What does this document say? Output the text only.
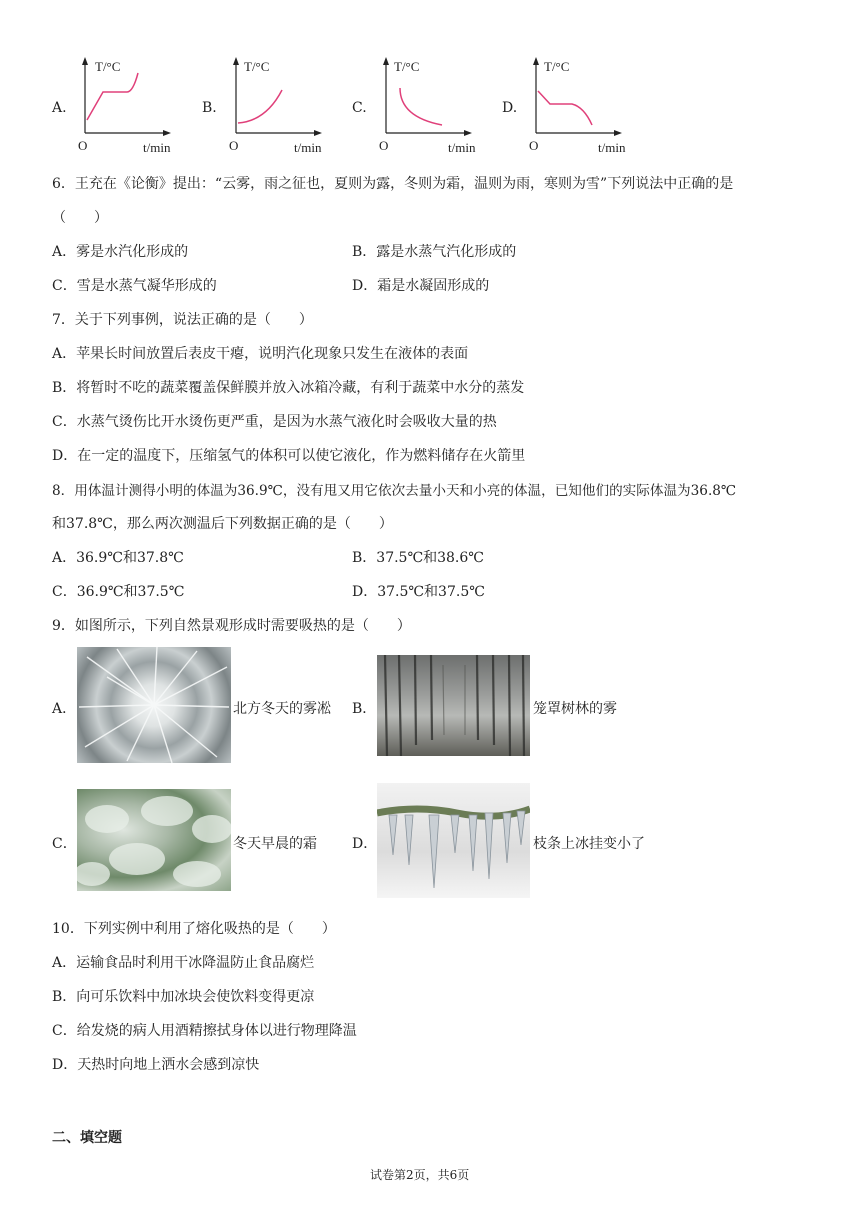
A.
T/°C
O	t/min
B.
T/°C
O	t/min
C.
T/°C
O	t/min
D.
T/°C
O	t/min
6．王充在《论衡》提出：“云雾，雨之征也，夏则为露，冬则为霜，温则为雨，寒则为雪”下列说法中正确的是
（　　）
A．雾是水汽化形成的	B．露是水蒸气汽化形成的
C．雪是水蒸气凝华形成的	D．霜是水凝固形成的
7．关于下列事例，说法正确的是（　　）
A．苹果长时间放置后表皮干瘪，说明汽化现象只发生在液体的表面
B．将暂时不吃的蔬菜覆盖保鲜膜并放入冰箱冷藏，有利于蔬菜中水分的蒸发
C．水蒸气烫伤比开水烫伤更严重，是因为水蒸气液化时会吸收大量的热
D．在一定的温度下，压缩氢气的体积可以使它液化，作为燃料储存在火箭里
8．用体温计测得小明的体温为36.9℃，没有甩又用它依次去量小天和小亮的体温，已知他们的实际体温为36.8℃
和37.8℃，那么两次测温后下列数据正确的是（　　）
A．36.9℃和37.8℃	B．37.5℃和38.6℃
C．36.9℃和37.5℃	D．37.5℃和37.5℃
9．如图所示，下列自然景观形成时需要吸热的是（　　）
A．	北方冬天的雾凇 B．	笼罩树林的雾
C．	冬天早晨的霜	D．	枝条上冰挂变小了
10．下列实例中利用了熔化吸热的是（　　）
A．运输食品时利用干冰降温防止食品腐烂
B．向可乐饮料中加冰块会使饮料变得更凉
C．给发烧的病人用酒精擦拭身体以进行物理降温
D．天热时向地上洒水会感到凉快
二、填空题
试卷第2页，共6页
